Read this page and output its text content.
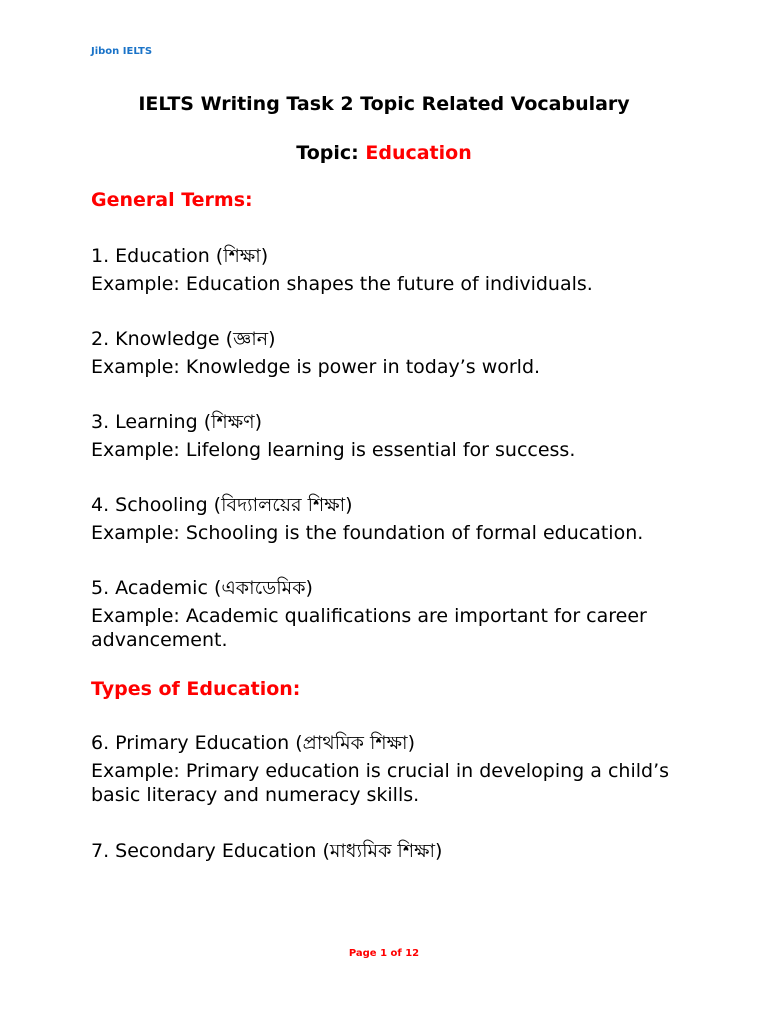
Jibon IELTS
IELTS Writing Task 2 Topic Related Vocabulary
Topic: Education
General Terms:
1. Education (শিক্ষা)
Example: Education shapes the future of individuals.
2. Knowledge (জ্ঞান)
Example: Knowledge is power in today’s world.
3. Learning (শিক্ষণ)
Example: Lifelong learning is essential for success.
4. Schooling (বিদ্যালয়ের শিক্ষা)
Example: Schooling is the foundation of formal education.
5. Academic (একাডেমিক)
Example: Academic qualifications are important for career advancement.
Types of Education:
6. Primary Education (প্রাথমিক শিক্ষা)
Example: Primary education is crucial in developing a child’s basic literacy and numeracy skills.
7. Secondary Education (মাধ্যমিক শিক্ষা)
Page 1 of 12
